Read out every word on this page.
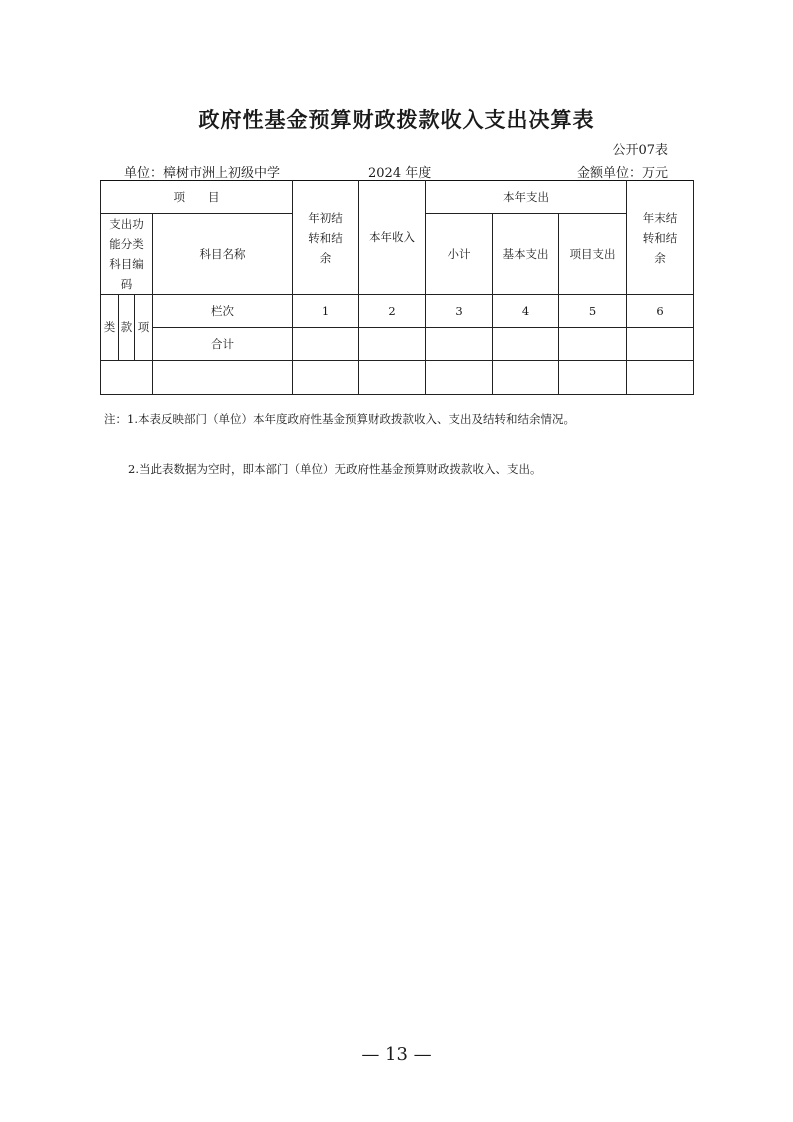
政府性基金预算财政拨款收入支出决算表
公开07表
单位：樟树市洲上初级中学	2024 年度	金额单位：万元
项　　目				年初结转和结余	本年收入	本年支出			年末结转和结余
支出功能分类科目编码			科目名称			小计	基本支出	项目支出	
类	款	项	栏次	1	2	3	4	5	6
			合计						

注：1.本表反映部门（单位）本年度政府性基金预算财政拨款收入、支出及结转和结余情况。
2.当此表数据为空时，即本部门（单位）无政府性基金预算财政拨款收入、支出。
— 13 —
